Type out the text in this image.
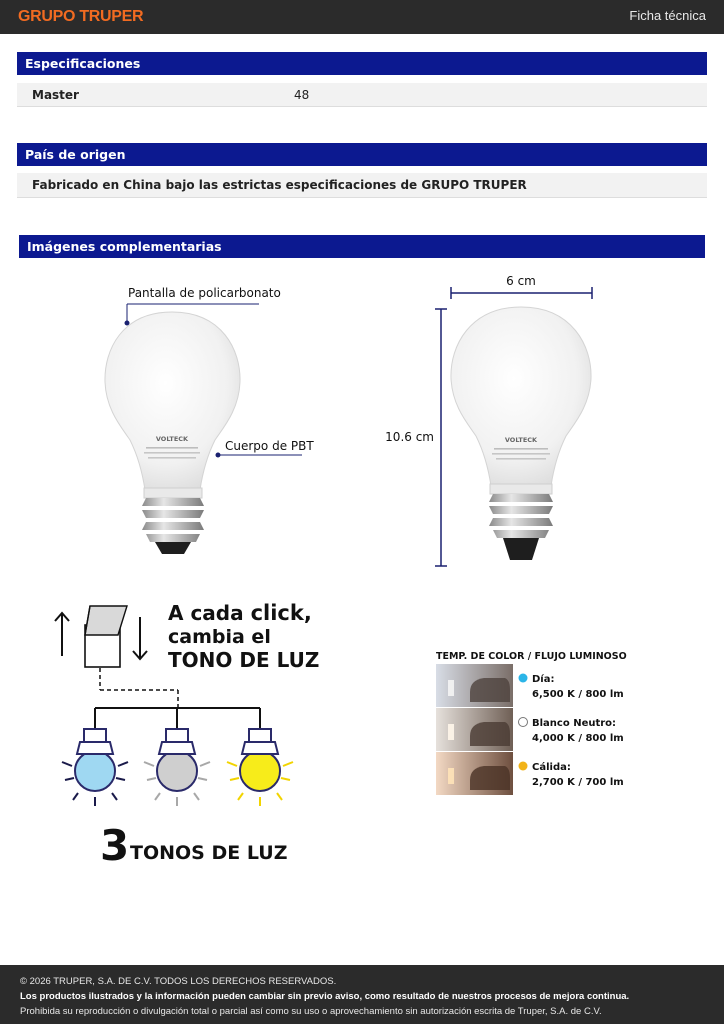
GRUPO TRUPER	Ficha técnica
Especificaciones
Master	48
País de origen
Fabricado en China bajo las estrictas especificaciones de GRUPO TRUPER
Imágenes complementarias
VOLTECK
Pantalla de policarbonato
Cuerpo de PBT	VOLTECK
6 cm
10.6 cm
A cada click,
cambia el
TONO DE LUZ
3 TONOS DE LUZ
TEMP. DE COLOR / FLUJO LUMINOSO
Día:
6,500 K / 800 lm
Blanco Neutro:
4,000 K / 800 lm
Cálida:
2,700 K / 700 lm
© 2026 TRUPER, S.A. DE C.V. TODOS LOS DERECHOS RESERVADOS.
Los productos ilustrados y la información pueden cambiar sin previo aviso, como resultado de nuestros procesos de mejora continua.
Prohibida su reproducción o divulgación total o parcial así como su uso o aprovechamiento sin autorización escrita de Truper, S.A. de C.V.
